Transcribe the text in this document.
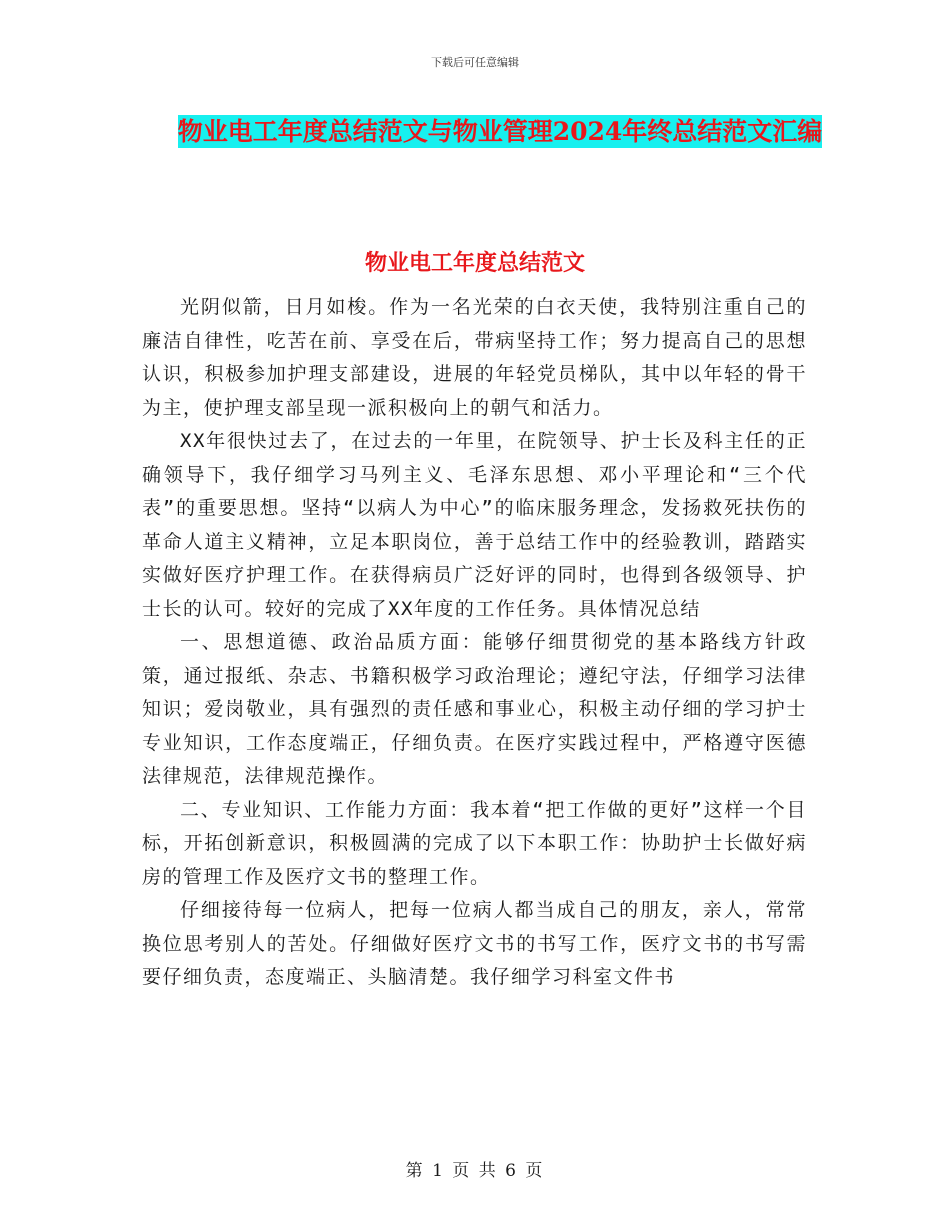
下载后可任意编辑
物业电工年度总结范文与物业管理2024年终总结范文汇编
物业电工年度总结范文

光阴似箭，日月如梭。作为一名光荣的白衣天使，我特别注重自己的廉洁自律性，吃苦在前、享受在后，带病坚持工作；努力提高自己的思想认识，积极参加护理支部建设，进展的年轻党员梯队，其中以年轻的骨干为主，使护理支部呈现一派积极向上的朝气和活力。

XX年很快过去了，在过去的一年里，在院领导、护士长及科主任的正确领导下，我仔细学习马列主义、毛泽东思想、邓小平理论和“三个代表”的重要思想。坚持“以病人为中心”的临床服务理念，发扬救死扶伤的革命人道主义精神，立足本职岗位，善于总结工作中的经验教训，踏踏实实做好医疗护理工作。在获得病员广泛好评的同时，也得到各级领导、护士长的认可。较好的完成了XX年度的工作任务。具体情况总结

一、思想道德、政治品质方面：能够仔细贯彻党的基本路线方针政策，通过报纸、杂志、书籍积极学习政治理论；遵纪守法，仔细学习法律知识；爱岗敬业，具有强烈的责任感和事业心，积极主动仔细的学习护士专业知识，工作态度端正，仔细负责。在医疗实践过程中，严格遵守医德法律规范，法律规范操作。

二、专业知识、工作能力方面：我本着“把工作做的更好”这样一个目标，开拓创新意识，积极圆满的完成了以下本职工作：协助护士长做好病房的管理工作及医疗文书的整理工作。

仔细接待每一位病人，把每一位病人都当成自己的朋友，亲人，常常换位思考别人的苦处。仔细做好医疗文书的书写工作，医疗文书的书写需要仔细负责，态度端正、头脑清楚。我仔细学习科室文件书

第 1 页 共 6 页
